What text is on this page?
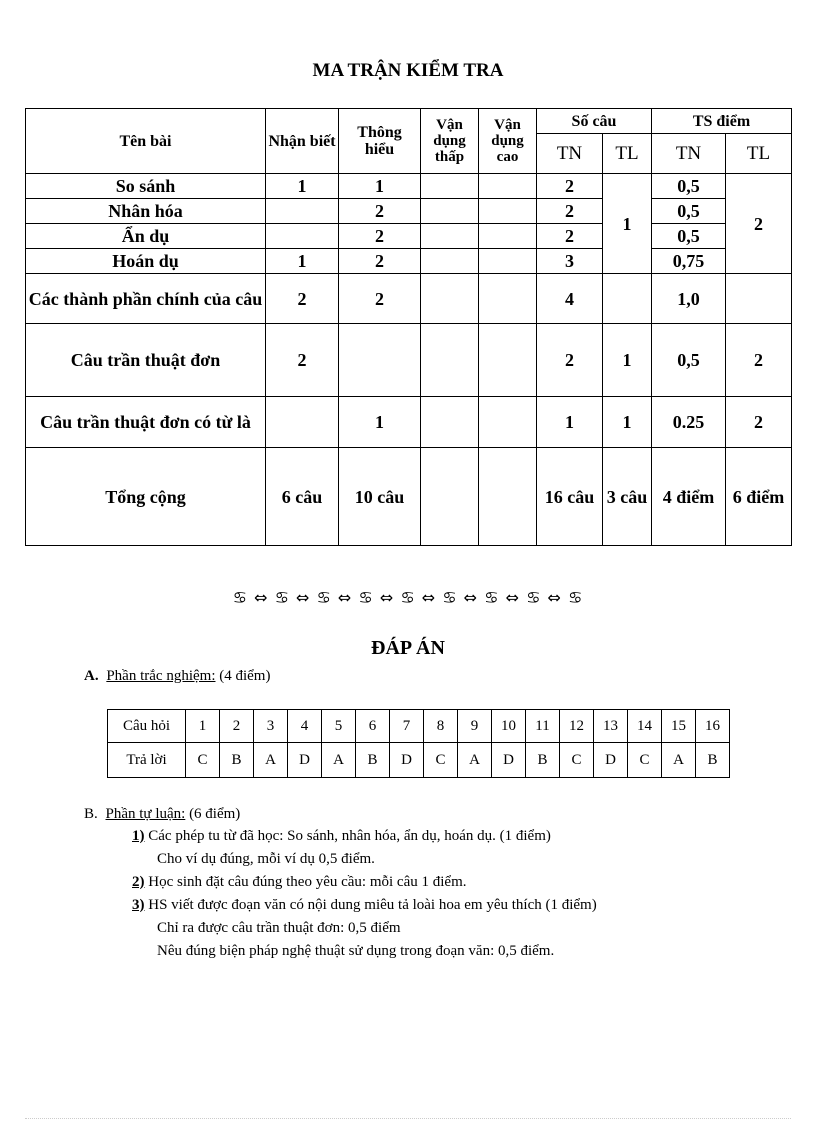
MA TRẬN KIỂM TRA
Tên bài	Nhận biết	Thông hiểu	Vận dụng thấp	Vận dụng cao	Số câu		TS điểm	
					TN	TL	TN	TL
So sánh	1	1			2	1	0,5	2
Nhân hóa		2			2		0,5	
Ẩn dụ		2			2		0,5	
Hoán dụ	1	2			3		0,75	
Các thành phần chính của câu	2	2			4		1,0	
Câu trần thuật đơn	2				2	1	0,5	2
Câu trần thuật đơn có từ là		1			1	1	0.25	2
Tổng cộng	6 câu	10 câu			16 câu	3 câu	4 điểm	6 điểm
♋ ⇔ ♋ ⇔ ♋ ⇔ ♋ ⇔ ♋ ⇔ ♋ ⇔ ♋ ⇔ ♋ ⇔ ♋
ĐÁP ÁN
A. Phần trắc nghiệm: (4 điểm)
Câu hỏi	1	2	3	4	5	6	7	8	9	10	11	12	13	14	15	16
Trả lời	C	B	A	D	A	B	D	C	A	D	B	C	D	C	A	B
B. Phần tự luận: (6 điểm)
1) Các phép tu từ đã học: So sánh, nhân hóa, ẩn dụ, hoán dụ. (1 điểm)
Cho ví dụ đúng, mỗi ví dụ 0,5 điểm.
2) Học sinh đặt câu đúng theo yêu cầu: mỗi câu 1 điểm.
3) HS viết được đoạn văn có nội dung miêu tả loài hoa em yêu thích (1 điểm)
Chỉ ra được câu trần thuật đơn: 0,5 điểm
Nêu đúng biện pháp nghệ thuật sử dụng trong đoạn văn: 0,5 điểm.
